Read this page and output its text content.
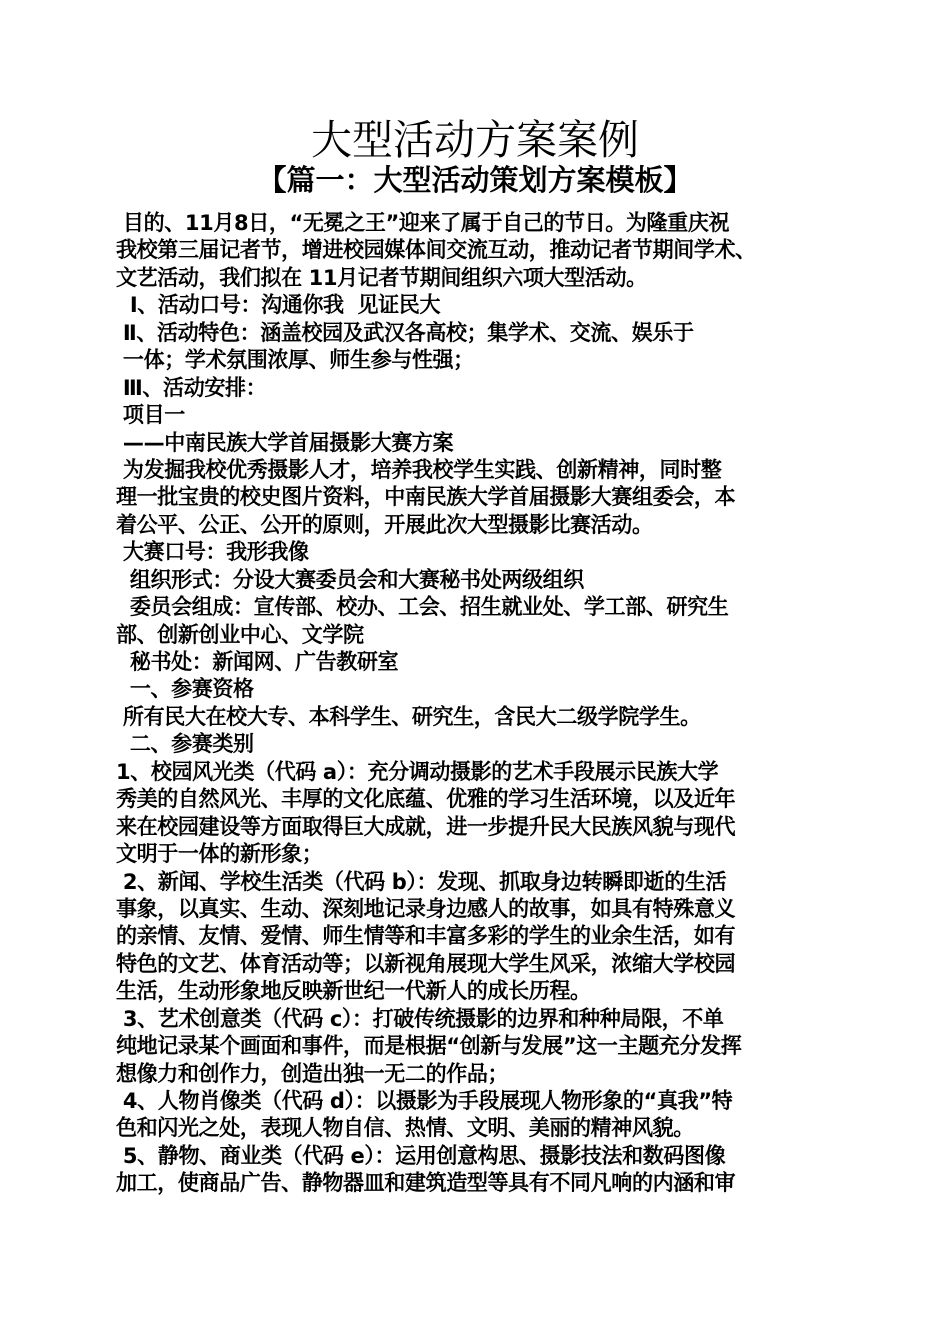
大型活动方案案例
【篇一：大型活动策划方案模板】
目的、11月8日，“无冕之王”迎来了属于自己的节日。为隆重庆祝
我校第三届记者节，增进校园媒体间交流互动，推动记者节期间学术、
文艺活动，我们拟在 11月记者节期间组织六项大型活动。
Ⅰ、活动口号：沟通你我  见证民大
Ⅱ、活动特色：涵盖校园及武汉各高校；集学术、交流、娱乐于
一体；学术氛围浓厚、师生参与性强；
Ⅲ、活动安排：
项目一
——中南民族大学首届摄影大赛方案
为发掘我校优秀摄影人才，培养我校学生实践、创新精神，同时整
理一批宝贵的校史图片资料，中南民族大学首届摄影大赛组委会，本
着公平、公正、公开的原则，开展此次大型摄影比赛活动。
大赛口号：我形我像
组织形式：分设大赛委员会和大赛秘书处两级组织
委员会组成：宣传部、校办、工会、招生就业处、学工部、研究生
部、创新创业中心、文学院
秘书处：新闻网、广告教研室
一、参赛资格
所有民大在校大专、本科学生、研究生，含民大二级学院学生。
二、参赛类别
1、校园风光类（代码 a）：充分调动摄影的艺术手段展示民族大学
秀美的自然风光、丰厚的文化底蕴、优雅的学习生活环境，以及近年
来在校园建设等方面取得巨大成就，进一步提升民大民族风貌与现代
文明于一体的新形象；
2、新闻、学校生活类（代码 b）：发现、抓取身边转瞬即逝的生活
事象，以真实、生动、深刻地记录身边感人的故事，如具有特殊意义
的亲情、友情、爱情、师生情等和丰富多彩的学生的业余生活，如有
特色的文艺、体育活动等；以新视角展现大学生风采，浓缩大学校园
生活，生动形象地反映新世纪一代新人的成长历程。
3、艺术创意类（代码 c）：打破传统摄影的边界和种种局限，不单
纯地记录某个画面和事件，而是根据“创新与发展”这一主题充分发挥
想像力和创作力，创造出独一无二的作品；
4、人物肖像类（代码 d）：以摄影为手段展现人物形象的“真我”特
色和闪光之处，表现人物自信、热情、文明、美丽的精神风貌。
5、静物、商业类（代码 e）：运用创意构思、摄影技法和数码图像
加工，使商品广告、静物器皿和建筑造型等具有不同凡响的内涵和审
